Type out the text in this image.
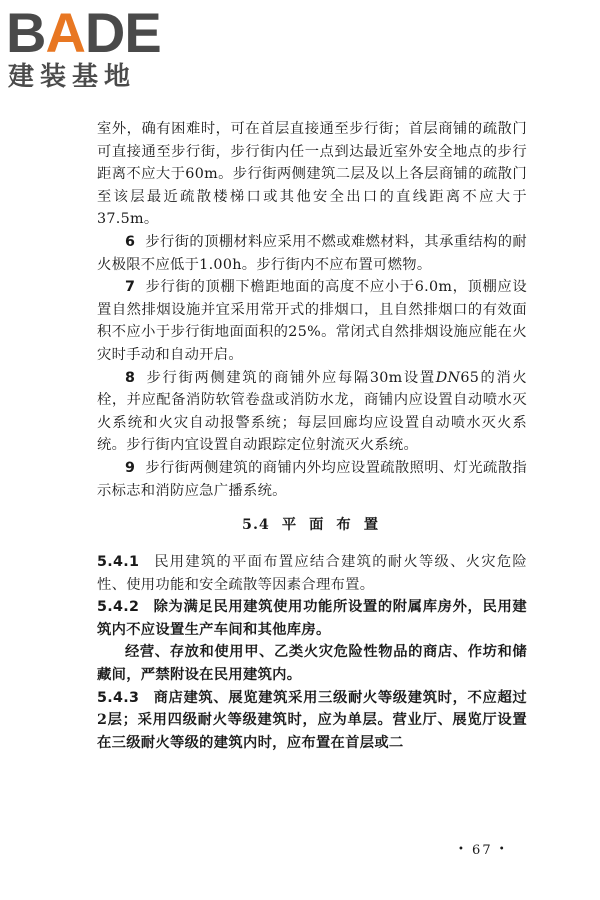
BADE
建装基地

室外，确有困难时，可在首层直接通至步行街；首层商铺的疏散门可直接通至步行街，步行街内任一点到达最近室外安全地点的步行距离不应大于60m。步行街两侧建筑二层及以上各层商铺的疏散门至该层最近疏散楼梯口或其他安全出口的直线距离不应大于37.5m。

6 步行街的顶棚材料应采用不燃或难燃材料，其承重结构的耐火极限不应低于1.00h。步行街内不应布置可燃物。

7 步行街的顶棚下檐距地面的高度不应小于6.0m，顶棚应设置自然排烟设施并宜采用常开式的排烟口，且自然排烟口的有效面积不应小于步行街地面面积的25%。常闭式自然排烟设施应能在火灾时手动和自动开启。

8 步行街两侧建筑的商铺外应每隔30m设置DN65的消火栓，并应配备消防软管卷盘或消防水龙，商铺内应设置自动喷水灭火系统和火灾自动报警系统；每层回廊均应设置自动喷水灭火系统。步行街内宜设置自动跟踪定位射流灭火系统。

9 步行街两侧建筑的商铺内外均应设置疏散照明、灯光疏散指示标志和消防应急广播系统。

5.4 平 面 布 置

5.4.1 民用建筑的平面布置应结合建筑的耐火等级、火灾危险性、使用功能和安全疏散等因素合理布置。

5.4.2 除为满足民用建筑使用功能所设置的附属库房外，民用建筑内不应设置生产车间和其他库房。

经营、存放和使用甲、乙类火灾危险性物品的商店、作坊和储藏间，严禁附设在民用建筑内。

5.4.3 商店建筑、展览建筑采用三级耐火等级建筑时，不应超过2层；采用四级耐火等级建筑时，应为单层。营业厅、展览厅设置在三级耐火等级的建筑内时，应布置在首层或二

• 67 •
